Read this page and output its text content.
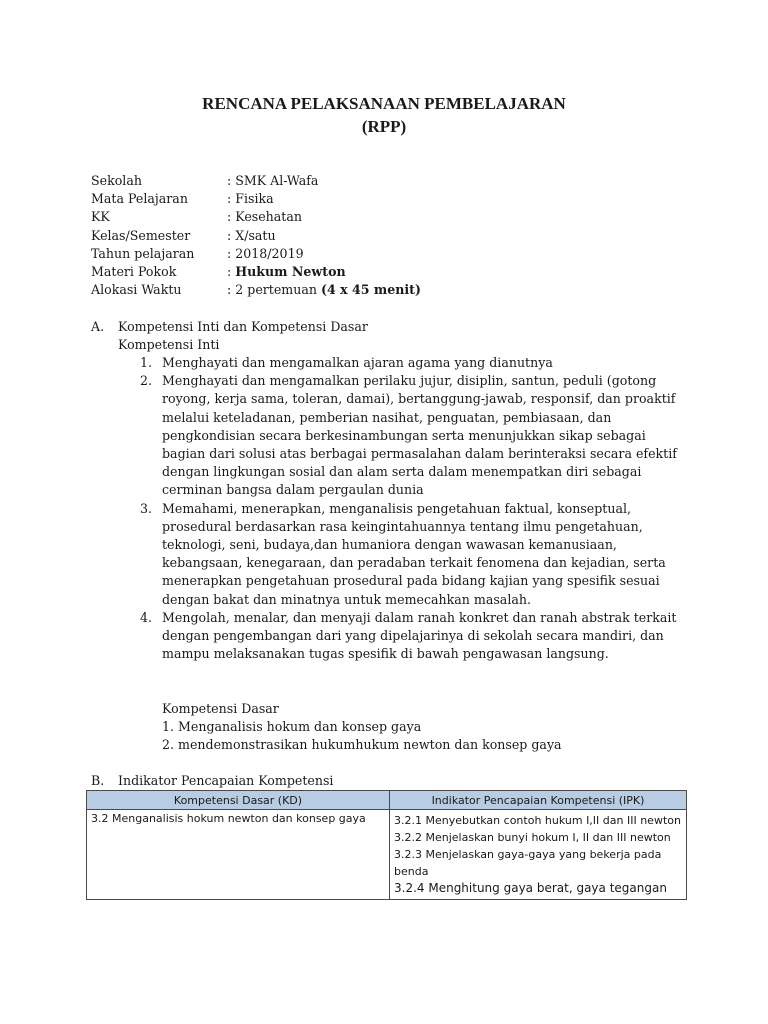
RENCANA PELAKSANAAN PEMBELAJARAN
(RPP)
Sekolah	: SMK Al-Wafa
Mata Pelajaran	: Fisika
KK	: Kesehatan
Kelas/Semester	: X/satu
Tahun pelajaran	: 2018/2019
Materi Pokok	: Hukum Newton
Alokasi Waktu	: 2 pertemuan (4 x 45 menit)
A. Kompetensi Inti dan Kompetensi Dasar
Kompetensi Inti
1. Menghayati dan mengamalkan ajaran agama yang dianutnya
2. Menghayati dan mengamalkan perilaku jujur, disiplin, santun, peduli (gotong royong, kerja sama, toleran, damai), bertanggung-jawab, responsif, dan proaktif melalui keteladanan, pemberian nasihat, penguatan, pembiasaan, dan pengkondisian secara berkesinambungan serta menunjukkan sikap sebagai bagian dari solusi atas berbagai permasalahan dalam berinteraksi secara efektif dengan lingkungan sosial dan alam serta dalam menempatkan diri sebagai cerminan bangsa dalam pergaulan dunia
3. Memahami, menerapkan, menganalisis pengetahuan faktual, konseptual, prosedural berdasarkan rasa keingintahuannya tentang ilmu pengetahuan, teknologi, seni, budaya,dan humaniora dengan wawasan kemanusiaan, kebangsaan, kenegaraan, dan peradaban terkait fenomena dan kejadian, serta menerapkan pengetahuan prosedural pada bidang kajian yang spesifik sesuai dengan bakat dan minatnya untuk memecahkan masalah.
4. Mengolah, menalar, dan menyaji dalam ranah konkret dan ranah abstrak terkait dengan pengembangan dari yang dipelajarinya di sekolah secara mandiri, dan mampu melaksanakan tugas spesifik di bawah pengawasan langsung.
Kompetensi Dasar
1. Menganalisis hokum dan konsep gaya
2. mendemonstrasikan hukumhukum newton dan konsep gaya
B. Indikator Pencapaian Kompetensi
Kompetensi Dasar (KD)	Indikator Pencapaian Kompetensi (IPK)
3.2 Menganalisis hokum newton dan konsep gaya	3.2.1 Menyebutkan contoh hukum I,II dan III newton
3.2.2 Menjelaskan bunyi hokum I, II dan III newton
3.2.3 Menjelaskan gaya-gaya yang bekerja pada benda
3.2.4 Menghitung gaya berat, gaya tegangan
